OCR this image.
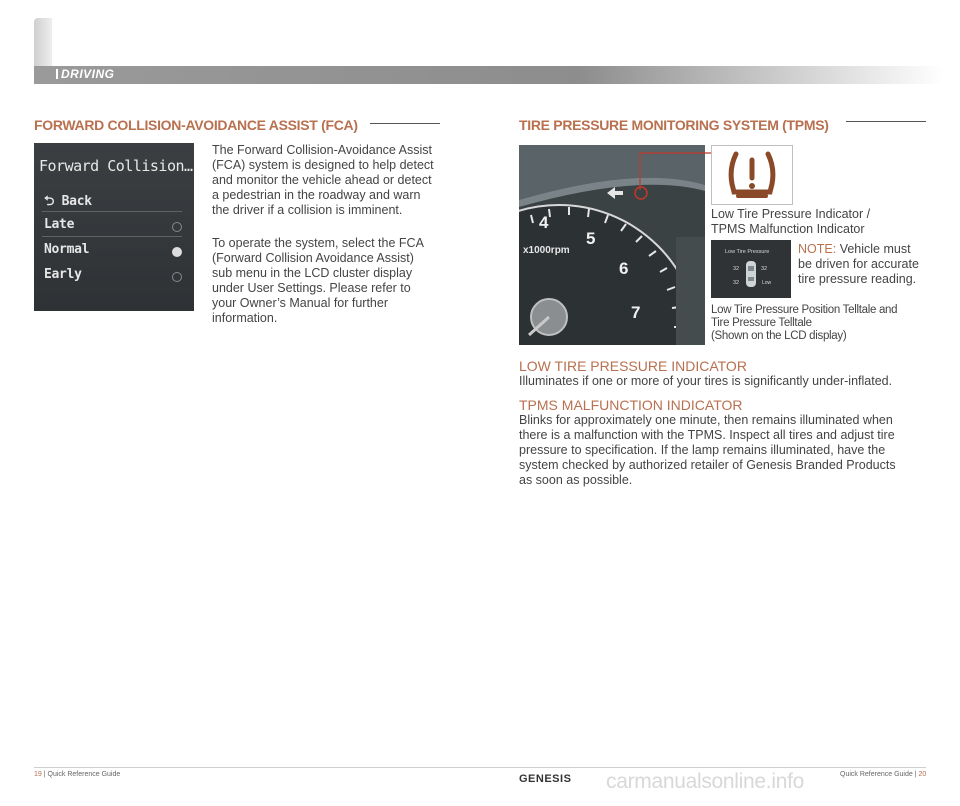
DRIVING
FORWARD COLLISION-AVOIDANCE ASSIST (FCA)
Forward Collision…
⮌ Back
Late
Normal
Early
The Forward Collision-Avoidance Assist
(FCA) system is designed to help detect
and monitor the vehicle ahead or detect
a pedestrian in the roadway and warn
the driver if a collision is imminent.
To operate the system, select the FCA
(Forward Collision Avoidance Assist)
sub menu in the LCD cluster display
under User Settings. Please refer to
your Owner’s Manual for further
information.
TIRE PRESSURE MONITORING SYSTEM (TPMS)
x1000rpm
4
5
6
7
Low Tire Pressure Indicator /
TPMS Malfunction Indicator
Low Tire Pressure
32	32
32	Low
NOTE: Vehicle must
be driven for accurate
tire pressure reading.
Low Tire Pressure Position Telltale and
Tire Pressure Telltale
(Shown on the LCD display)
LOW TIRE PRESSURE INDICATOR
Illuminates if one or more of your tires is significantly under-inflated.
TPMS MALFUNCTION INDICATOR
Blinks for approximately one minute, then remains illuminated when
there is a malfunction with the TPMS. Inspect all tires and adjust tire
pressure to specification. If the lamp remains illuminated, have the
system checked by authorized retailer of Genesis Branded Products
as soon as possible.
19 | Quick Reference Guide	GENESIS carmanualsonline.info	Quick Reference Guide | 20
